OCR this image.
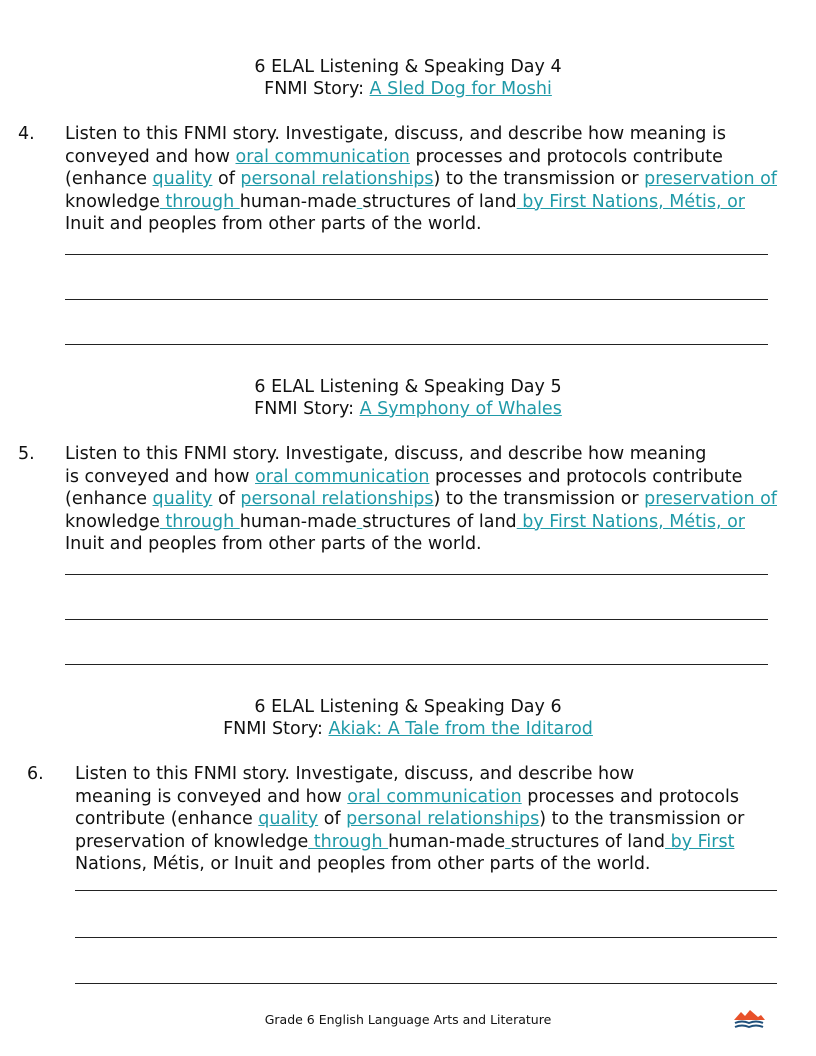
6 ELAL Listening & Speaking Day 4
FNMI Story: A Sled Dog for Moshi
4. Listen to this FNMI story. Investigate, discuss, and describe how meaning is
conveyed and how oral communication processes and protocols contribute
(enhance quality of personal relationships) to the transmission or preservation of
knowledge through human-made structures of land by First Nations, Métis, or
Inuit and peoples from other parts of the world.
6 ELAL Listening & Speaking Day 5
FNMI Story: A Symphony of Whales
5. Listen to this FNMI story. Investigate, discuss, and describe how meaning
is conveyed and how oral communication processes and protocols contribute
(enhance quality of personal relationships) to the transmission or preservation of
knowledge through human-made structures of land by First Nations, Métis, or
Inuit and peoples from other parts of the world.
6 ELAL Listening & Speaking Day 6
FNMI Story: Akiak: A Tale from the Iditarod
6. Listen to this FNMI story. Investigate, discuss, and describe how
meaning is conveyed and how oral communication processes and protocols
contribute (enhance quality of personal relationships) to the transmission or
preservation of knowledge through human-made structures of land by First
Nations, Métis, or Inuit and peoples from other parts of the world.
Grade 6 English Language Arts and Literature
